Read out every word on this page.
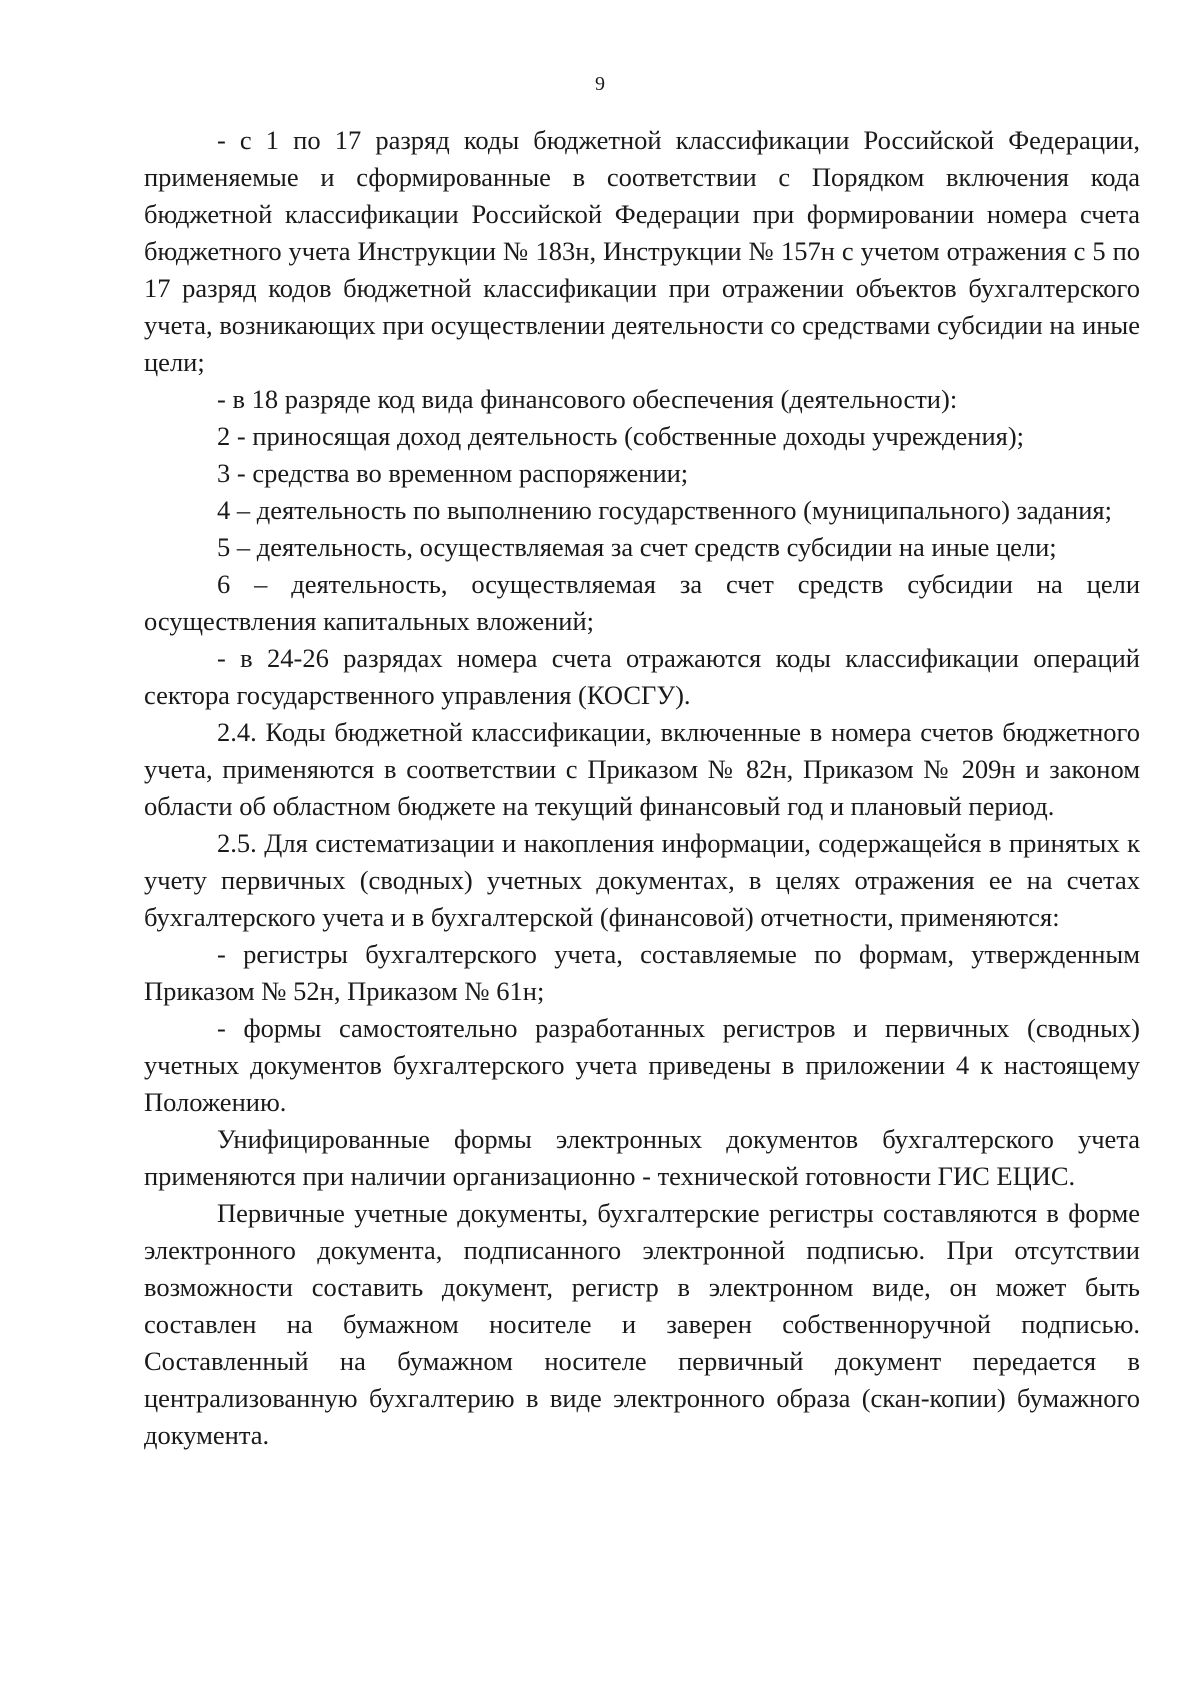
9

- с 1 по 17 разряд коды бюджетной классификации Российской Федерации, применяемые и сформированные в соответствии с Порядком включения кода бюджетной классификации Российской Федерации при формировании номера счета бюджетного учета Инструкции № 183н, Инструкции № 157н с учетом отражения с 5 по 17 разряд кодов бюджетной классификации при отражении объектов бухгалтерского учета, возникающих при осуществлении деятельности со средствами субсидии на иные цели;

- в 18 разряде код вида финансового обеспечения (деятельности):

2 - приносящая доход деятельность (собственные доходы учреждения);

3 - средства во временном распоряжении;

4 – деятельность по выполнению государственного (муниципального) задания;

5 – деятельность, осуществляемая за счет средств субсидии на иные цели;

6 – деятельность, осуществляемая за счет средств субсидии на цели осуществления капитальных вложений;

- в 24-26 разрядах номера счета отражаются коды классификации операций сектора государственного управления (КОСГУ).

2.4. Коды бюджетной классификации, включенные в номера счетов бюджетного учета, применяются в соответствии с Приказом № 82н, Приказом № 209н и законом области об областном бюджете на текущий финансовый год и плановый период.

2.5. Для систематизации и накопления информации, содержащейся в принятых к учету первичных (сводных) учетных документах, в целях отражения ее на счетах бухгалтерского учета и в бухгалтерской (финансовой) отчетности, применяются:

- регистры бухгалтерского учета, составляемые по формам, утвержденным Приказом № 52н, Приказом № 61н;

- формы самостоятельно разработанных регистров и первичных (сводных) учетных документов бухгалтерского учета приведены в приложении 4 к настоящему Положению.

Унифицированные формы электронных документов бухгалтерского учета применяются при наличии организационно - технической готовности ГИС ЕЦИС.

Первичные учетные документы, бухгалтерские регистры составляются в форме электронного документа, подписанного электронной подписью. При отсутствии возможности составить документ, регистр в электронном виде, он может быть составлен на бумажном носителе и заверен собственноручной подписью. Составленный на бумажном носителе первичный документ передается в централизованную бухгалтерию в виде электронного образа (скан-копии) бумажного документа.
